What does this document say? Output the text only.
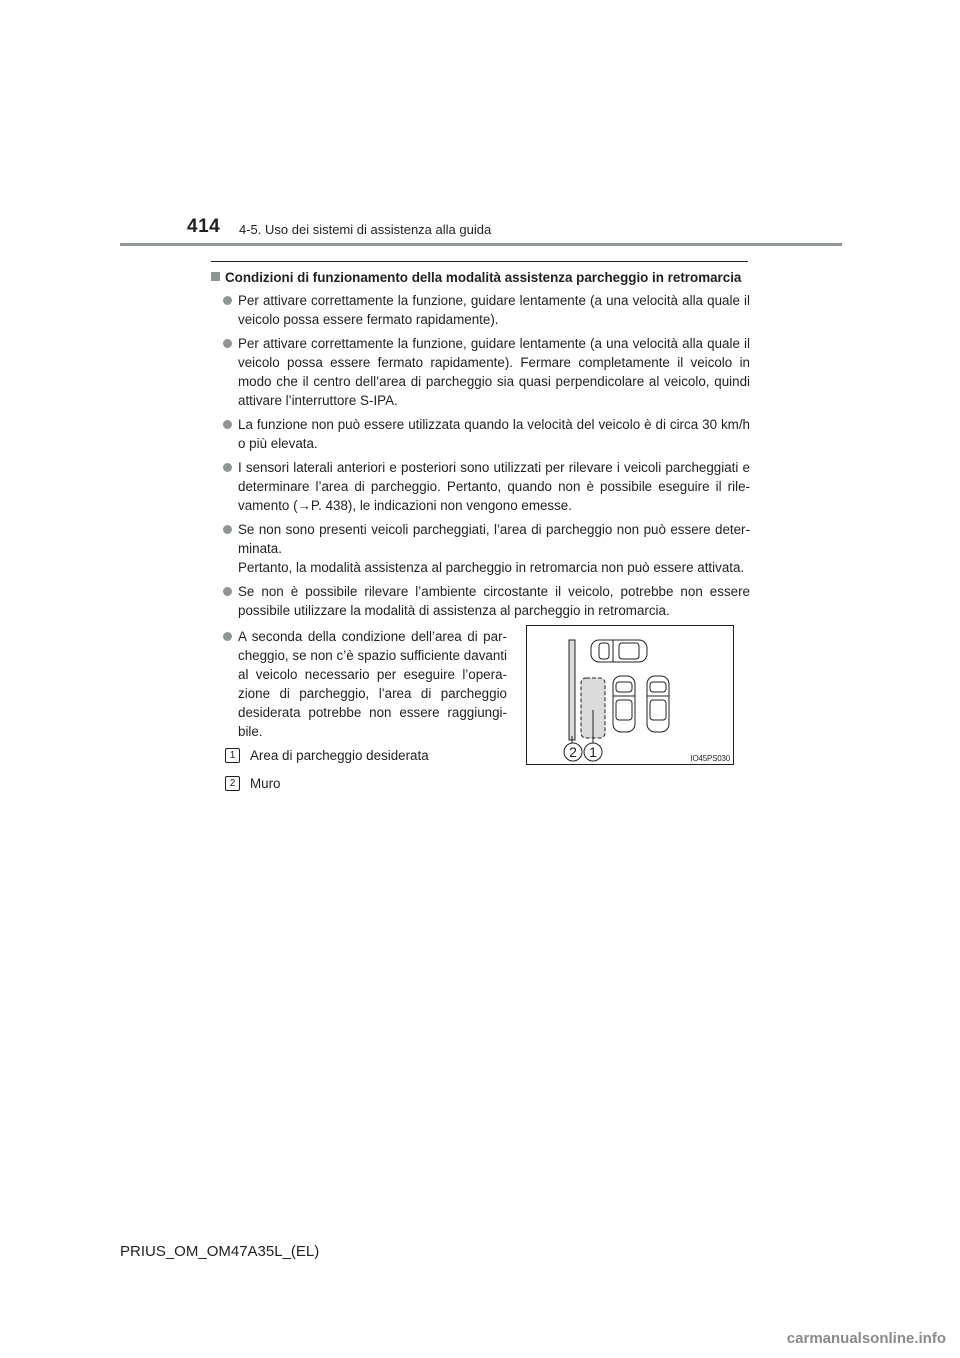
414 4-5. Uso dei sistemi di assistenza alla guida
Condizioni di funzionamento della modalità assistenza parcheggio in retromarcia

Per attivare correttamente la funzione, guidare lentamente (a una velocità alla quale il veicolo possa essere fermato rapidamente).

Per attivare correttamente la funzione, guidare lentamente (a una velocità alla quale il veicolo possa essere fermato rapidamente). Fermare completamente il veicolo in modo che il centro dell’area di parcheggio sia quasi perpendicolare al veicolo, quindi attivare l’interruttore S-IPA.

La funzione non può essere utilizzata quando la velocità del veicolo è di circa 30 km/h o più elevata.

I sensori laterali anteriori e posteriori sono utilizzati per rilevare i veicoli parcheggiati e determinare l’area di parcheggio. Pertanto, quando non è possibile eseguire il rilevamento (→P. 438), le indicazioni non vengono emesse.

Se non sono presenti veicoli parcheggiati, l’area di parcheggio non può essere determinata.

Pertanto, la modalità assistenza al parcheggio in retromarcia non può essere attivata.

Se non è possibile rilevare l’ambiente circostante il veicolo, potrebbe non essere possibile utilizzare la modalità di assistenza al parcheggio in retromarcia.

A seconda della condizione dell’area di parcheggio, se non c’è spazio sufficiente davanti al veicolo necessario per eseguire l’operazione di parcheggio, l’area di parcheggio desiderata potrebbe non essere raggiungibile.

1	Area di parcheggio desiderata
2	Muro
2 1	IO45PS030
PRIUS_OM_OM47A35L_(EL)
carmanualsonline.info
